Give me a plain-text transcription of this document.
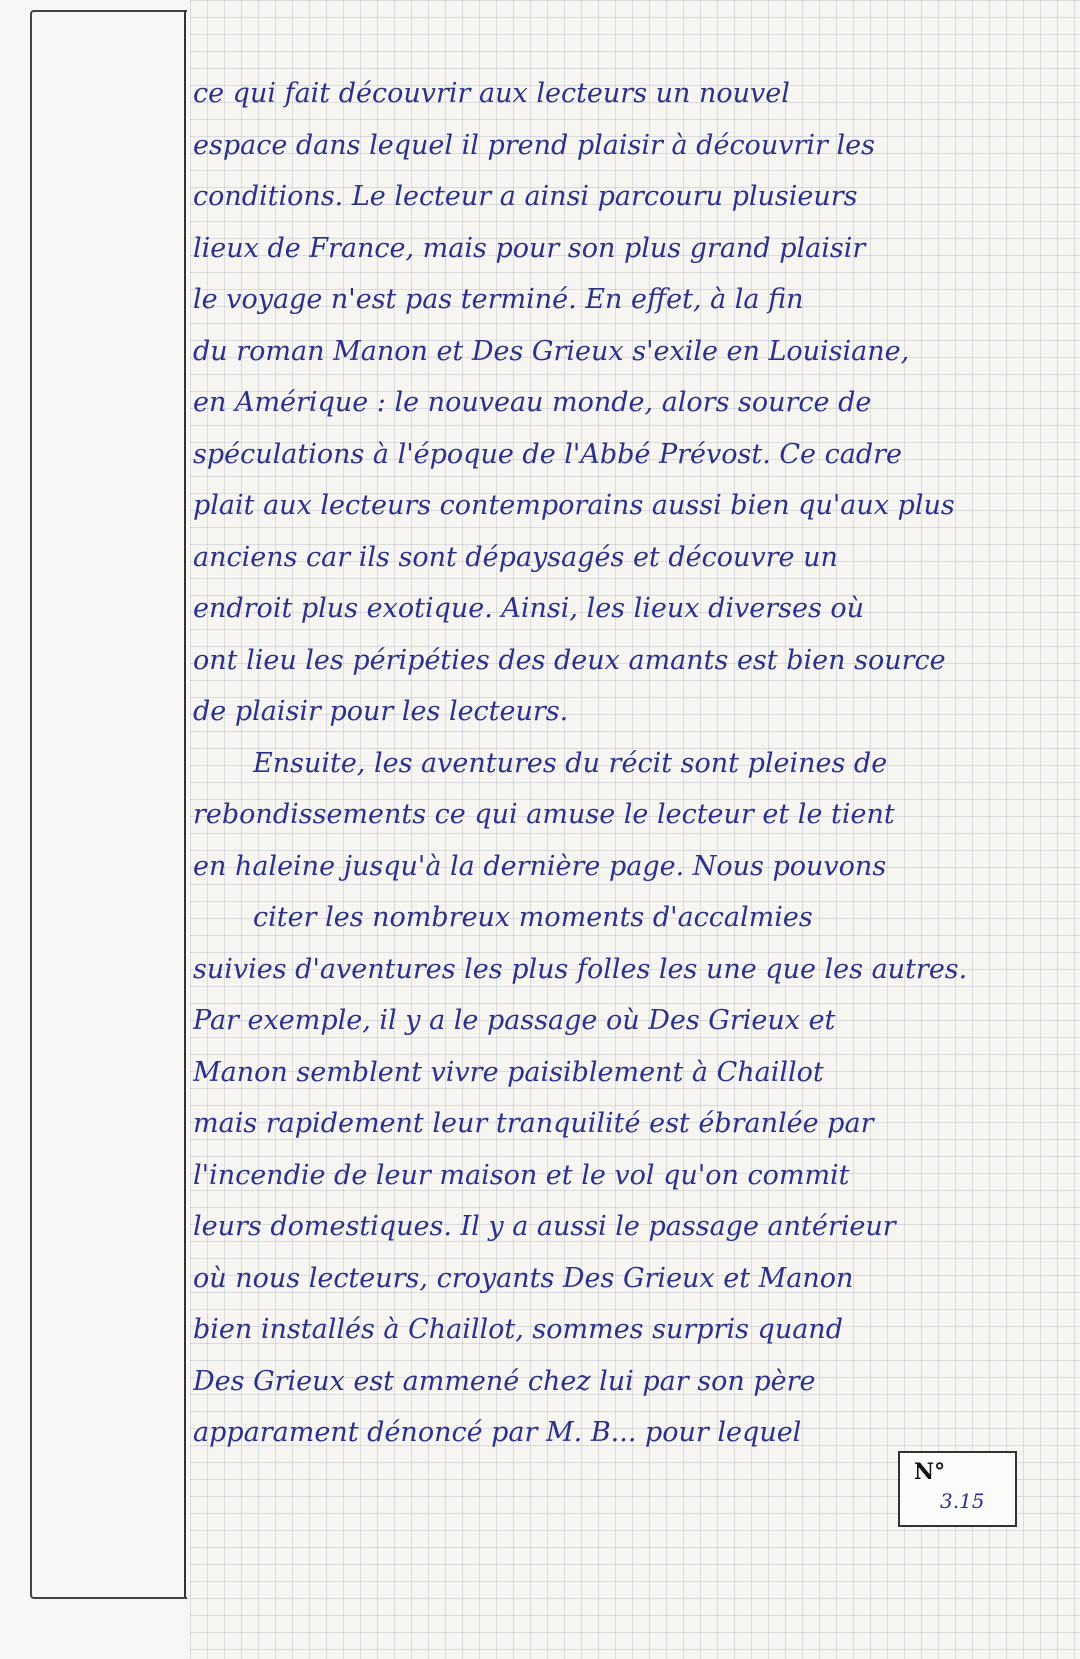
ce qui fait découvrir aux lecteurs un nouvel
espace dans lequel il prend plaisir à découvrir les
conditions. Le lecteur a ainsi parcouru plusieurs
lieux de France, mais pour son plus grand plaisir
le voyage n'est pas terminé. En effet, à la fin
du roman Manon et Des Grieux s'exile en Louisiane,
en Amérique : le nouveau monde, alors source de
spéculations à l'époque de l'Abbé Prévost. Ce cadre
plait aux lecteurs contemporains aussi bien qu'aux plus
anciens car ils sont dépaysagés et découvre un
endroit plus exotique. Ainsi, les lieux diverses où
ont lieu les péripéties des deux amants est bien source
de plaisir pour les lecteurs.
Ensuite, les aventures du récit sont pleines de
rebondissements ce qui amuse le lecteur et le tient
en haleine jusqu'à la dernière page. Nous pouvons
citer les nombreux moments d'accalmies
suivies d'aventures les plus folles les une que les autres.
Par exemple, il y a le passage où Des Grieux et
Manon semblent vivre paisiblement à Chaillot
mais rapidement leur tranquilité est ébranlée par
l'incendie de leur maison et le vol qu'on commit
leurs domestiques. Il y a aussi le passage antérieur
où nous lecteurs, croyants Des Grieux et Manon
bien installés à Chaillot, sommes surpris quand
Des Grieux est ammené chez lui par son père
apparament dénoncé par M. B... pour lequel
N°
3.15
